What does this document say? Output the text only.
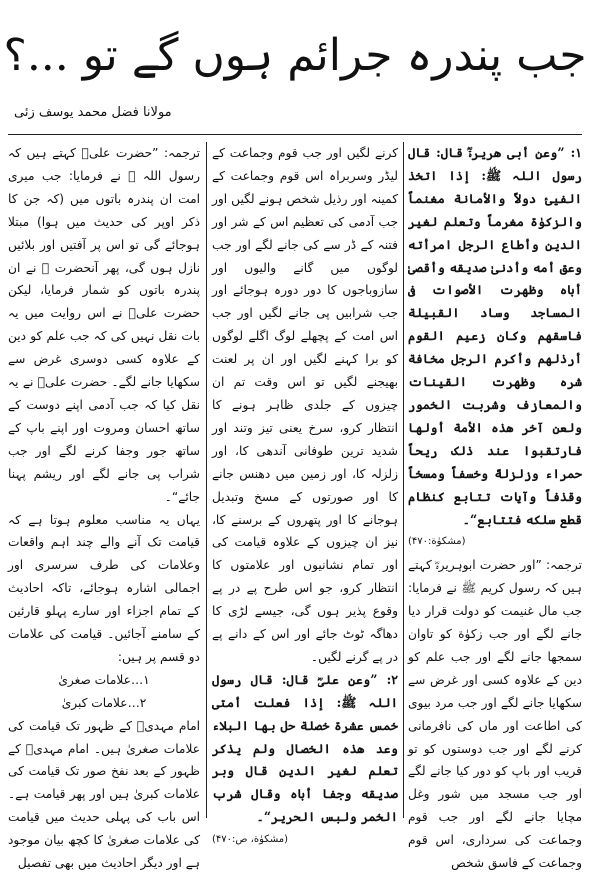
جب پندرہ جرائم ہوں گے تو ...؟
مولانا فضل محمد یوسف زئی

۱: ”وعن أبی ھریرةؓ قال: قال رسول اللہ ﷺ: إذا اتخذ الفیئ دولاً والأمانة مغنماً والزکوٰة مغرماً وتعلم لغیر الدین وأطاع الرجل امرأته وعق أمه وأدنیٰ صدیقه وأقصیٰ أباه وظهرت الأصوات فی المساجد وساد القبیلة فاسقهم وکان زعیم القوم أرذلهم وأکرم الرجل مخافة شره وظهرت القینات والمعازف وشربت الخمور ولعن آخر ھذہ الأمة أولها فارتقبوا عند ذلک ریحاً حمراء وزلزلةً وخسفاً ومسخاً وقذفاً وآیات تتابع کنظام قطع سلکه فتتابع“۔

(مشکوٰة:۴۷۰)

ترجمہ: ”اور حضرت ابوہریرہؓ کہتے ہیں کہ رسول کریم ﷺ نے فرمایا: جب مال غنیمت کو دولت قرار دیا جانے لگے اور جب زکوٰة کو تاوان سمجھا جانے لگے اور جب علم کو دین کے علاوہ کسی اور غرض سے سکھایا جانے لگے اور جب مرد بیوی کی اطاعت اور ماں کی نافرمانی کرنے لگے اور جب دوستوں کو تو قریب اور باپ کو دور کیا جانے لگے اور جب مسجد میں شور وغل مچایا جانے لگے اور جب قوم وجماعت کی سرداری، اس قوم وجماعت کے فاسق شخص

کرنے لگیں اور جب قوم وجماعت کے لیڈر وسربراہ اس قوم وجماعت کے کمینہ اور رذیل شخص ہونے لگیں اور جب آدمی کی تعظیم اس کے شر اور فتنہ کے ڈر سے کی جانے لگے اور جب لوگوں میں گانے والیوں اور سازوباجوں کا دور دورہ ہوجائے اور جب شرابیں پی جانے لگیں اور جب اس امت کے پچھلے لوگ اگلے لوگوں کو برا کہنے لگیں اور ان پر لعنت بھیجنے لگیں تو اس وقت تم ان چیزوں کے جلدی ظاہر ہونے کا انتظار کرو، سرخ یعنی تیز وتند اور شدید ترین طوفانی آندھی کا، اور زلزلہ کا، اور زمین میں دھنس جانے کا اور صورتوں کے مسخ وتبدیل ہوجانے کا اور پتھروں کے برسنے کا، نیز ان چیزوں کے علاوہ قیامت کی اور تمام نشانیوں اور علامتوں کا انتظار کرو، جو اس طرح پے در پے وقوع پذیر ہوں گی، جیسے لڑی کا دھاگہ ٹوٹ جائے اور اس کے دانے پے در پے گرنے لگیں۔

۲: ”وعن علیؓ قال: قال رسول اللہ ﷺ: إذا فعلت أمتی خمس عشرة خصلة حل بها البلاء وعد ھذہ الخصال ولم یذکر تعلم لغیر الدین قال وبر صدیقه وجفا أباه وقال شرب الخمر ولبس الحریر“۔

(مشکوٰة، ص:۴۷۰)

ترجمہ: ”حضرت علیؓ کہتے ہیں کہ رسول اللہ ﷺ نے فرمایا: جب میری امت ان پندرہ باتوں میں (کہ جن کا ذکر اوپر کی حدیث میں ہوا) مبتلا ہوجائے گی تو اس پر آفتیں اور بلائیں نازل ہوں گی، پھر آنحضرت ﷺ نے ان پندرہ باتوں کو شمار فرمایا، لیکن حضرت علیؓ نے اس روایت میں یہ بات نقل نہیں کی کہ جب علم کو دین کے علاوہ کسی دوسری غرض سے سکھایا جانے لگے۔ حضرت علیؓ نے یہ نقل کیا کہ جب آدمی اپنے دوست کے ساتھ احسان ومروت اور اپنے باپ کے ساتھ جور وجفا کرنے لگے اور جب شراب پی جانے لگے اور ریشم پہنا جائے“۔

یہاں یہ مناسب معلوم ہوتا ہے کہ قیامت تک آنے والے چند اہم واقعات وعلامات کی طرف سرسری اور اجمالی اشارہ ہوجائے، تاکہ احادیث کے تمام اجزاء اور سارے پہلو قارئین کے سامنے آجائیں۔ قیامت کی علامات دو قسم پر ہیں:

۱…علامات صغریٰ

۲…علامات کبریٰ

امام مہدیؑ کے ظہور تک قیامت کی علامات صغریٰ ہیں۔ امام مہدیؑ کے ظہور کے بعد نفخ صور تک قیامت کی علامات کبریٰ ہیں اور پھر قیامت ہے۔ اس باب کی پہلی حدیث میں قیامت کی علامات صغریٰ کا کچھ بیان موجود ہے اور دیگر احادیث میں بھی تفصیل
